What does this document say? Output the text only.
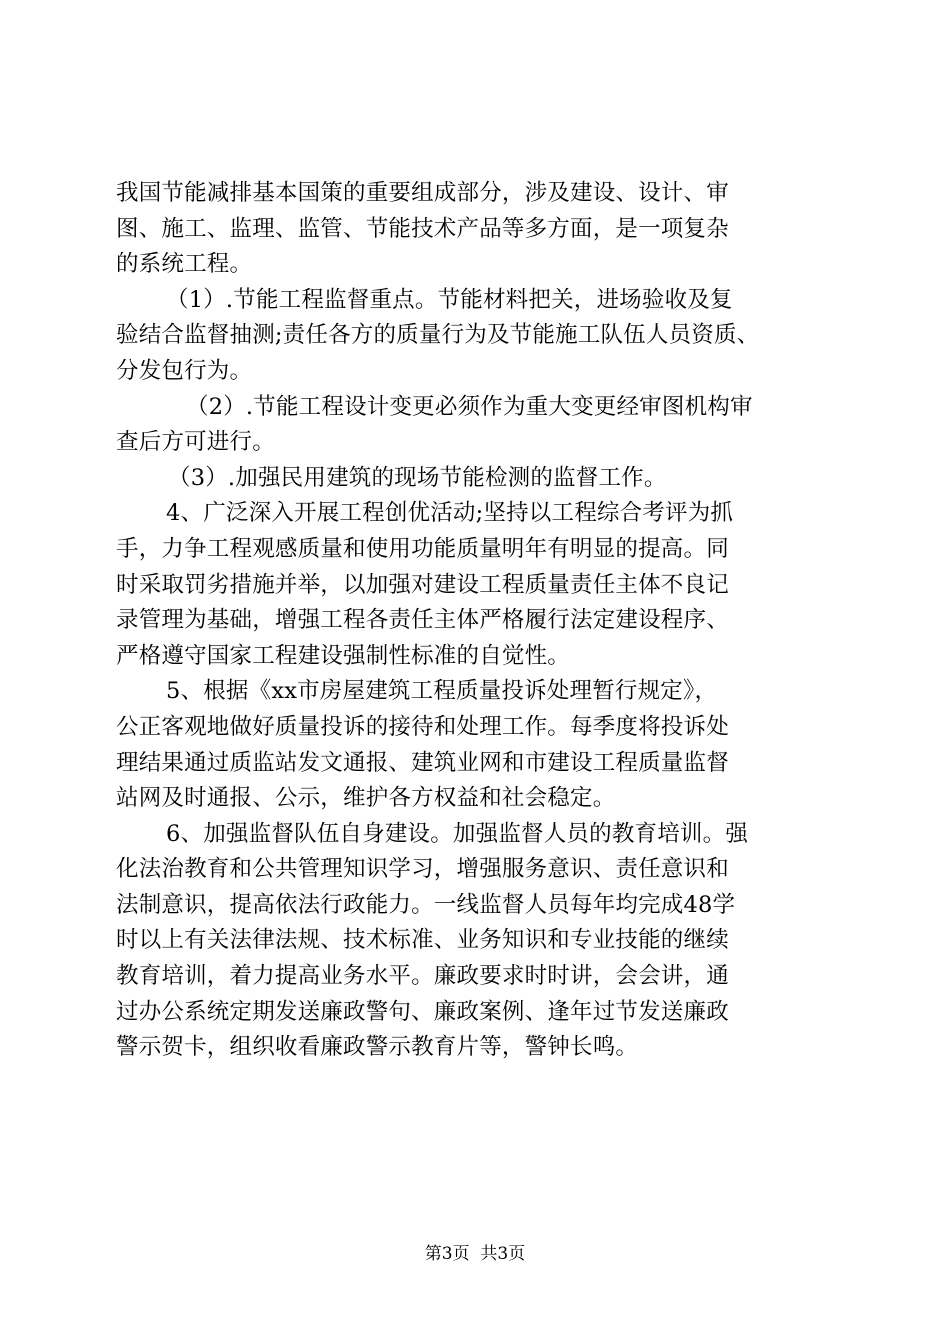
我国节能减排基本国策的重要组成部分，涉及建设、设计、审
图、施工、监理、监管、节能技术产品等多方面，是一项复杂
的系统工程。
（1）.节能工程监督重点。节能材料把关，进场验收及复
验结合监督抽测;责任各方的质量行为及节能施工队伍人员资质、
分发包行为。
（2）.节能工程设计变更必须作为重大变更经审图机构审
查后方可进行。
（3）.加强民用建筑的现场节能检测的监督工作。
4、广泛深入开展工程创优活动;坚持以工程综合考评为抓
手，力争工程观感质量和使用功能质量明年有明显的提高。同
时采取罚劣措施并举，以加强对建设工程质量责任主体不良记
录管理为基础，增强工程各责任主体严格履行法定建设程序、
严格遵守国家工程建设强制性标准的自觉性。
5、根据《xx市房屋建筑工程质量投诉处理暂行规定》，
公正客观地做好质量投诉的接待和处理工作。每季度将投诉处
理结果通过质监站发文通报、建筑业网和市建设工程质量监督
站网及时通报、公示，维护各方权益和社会稳定。
6、加强监督队伍自身建设。加强监督人员的教育培训。强
化法治教育和公共管理知识学习，增强服务意识、责任意识和
法制意识，提高依法行政能力。一线监督人员每年均完成48学
时以上有关法律法规、技术标准、业务知识和专业技能的继续
教育培训，着力提高业务水平。廉政要求时时讲，会会讲，通
过办公系统定期发送廉政警句、廉政案例、逢年过节发送廉政
警示贺卡，组织收看廉政警示教育片等，警钟长鸣。
第3页  共3页
